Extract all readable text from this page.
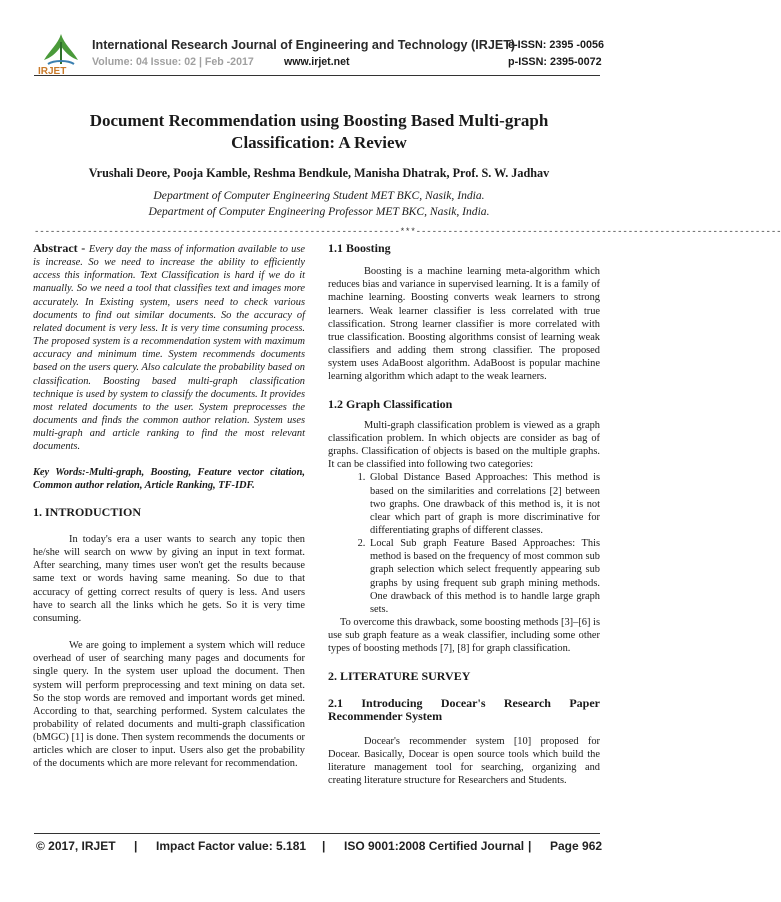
IRJET
International Research Journal of Engineering and Technology (IRJET)
e-ISSN: 2395 -0056
Volume: 04 Issue: 02 | Feb -2017	www.irjet.net	p-ISSN: 2395-0072
Document Recommendation using Boosting Based Multi-graph
Classification: A Review
Vrushali Deore, Pooja Kamble, Reshma Bendkule, Manisha Dhatrak, Prof. S. W. Jadhav
Department of Computer Engineering Student MET BKC, Nasik, India.
Department of Computer Engineering Professor MET BKC, Nasik, India.
---------------------------------------------------------------------***---------------------------------------------------------------------

Abstract - Every day the mass of information available to use is increase. So we need to increase the ability to efficiently access this information. Text Classification is hard if we do it manually. So we need a tool that classifies text and images more accurately. In Existing system, users need to check various documents to find out similar documents. So the accuracy of related document is very less. It is very time consuming process. The proposed system is a recommendation system with maximum accuracy and minimum time. System recommends documents based on the users query. Also calculate the probability based on classification. Boosting based multi-graph classification technique is used by system to classify the documents. It provides most related documents to the user. System preprocesses the documents and finds the common author relation. System uses multi-graph and article ranking to find the most relevant documents.

Key Words:-Multi-graph, Boosting, Feature vector citation, Common author relation, Article Ranking, TF-IDF.

1. INTRODUCTION

In today's era a user wants to search any topic then he/she will search on www by giving an input in text format. After searching, many times user won't get the results because same text or words having same meaning. So due to that accuracy of getting correct results of query is less. And users have to search all the links which he gets. So it is very time consuming.

We are going to implement a system which will reduce overhead of user of searching many pages and documents for single query. In the system user upload the document. Then system will perform preprocessing and text mining on data set. So the stop words are removed and important words get mined. According to that, searching performed. System calculates the probability of related documents and multi-graph classification (bMGC) [1] is done. Then system recommends the documents or articles which are closer to input. Users also get the probability of the documents which are more relevant for recommendation.

1.1 Boosting

Boosting is a machine learning meta-algorithm which reduces bias and variance in supervised learning. It is a family of machine learning. Boosting converts weak learners to strong learners. Weak learner classifier is less correlated with true classification. Strong learner classifier is more correlated with true classification. Boosting algorithms consist of learning weak classifiers and adding them strong classifier. The proposed system uses AdaBoost algorithm. AdaBoost is popular machine learning algorithm which adapt to the weak learners.

1.2 Graph Classification

Multi-graph classification problem is viewed as a graph classification problem. In which objects are consider as bag of graphs. Classification of objects is based on the multiple graphs. It can be classified into following two categories:

1. Global Distance Based Approaches: This method is based on the similarities and correlations [2] between two graphs. One drawback of this method is, it is not clear which part of graph is more discriminative for differentiating graphs of different classes.
2. Local Sub graph Feature Based Approaches: This method is based on the frequency of most common sub graph selection which select frequently appearing sub graphs by using frequent sub graph mining methods. One drawback of this method is to handle large graph sets.

To overcome this drawback, some boosting methods [3]–[6] is use sub graph feature as a weak classifier, including some other types of boosting methods [7], [8] for graph classification.

2. LITERATURE SURVEY

2.1 Introducing Docear's Research Paper Recommender System

Docear's recommender system [10] proposed for Docear. Basically, Docear is open source tools which build the literature management tool for searching, organizing and creating literature structure for Researchers and Students.

© 2017, IRJET | Impact Factor value: 5.181 | ISO 9001:2008 Certified Journal | Page 962
